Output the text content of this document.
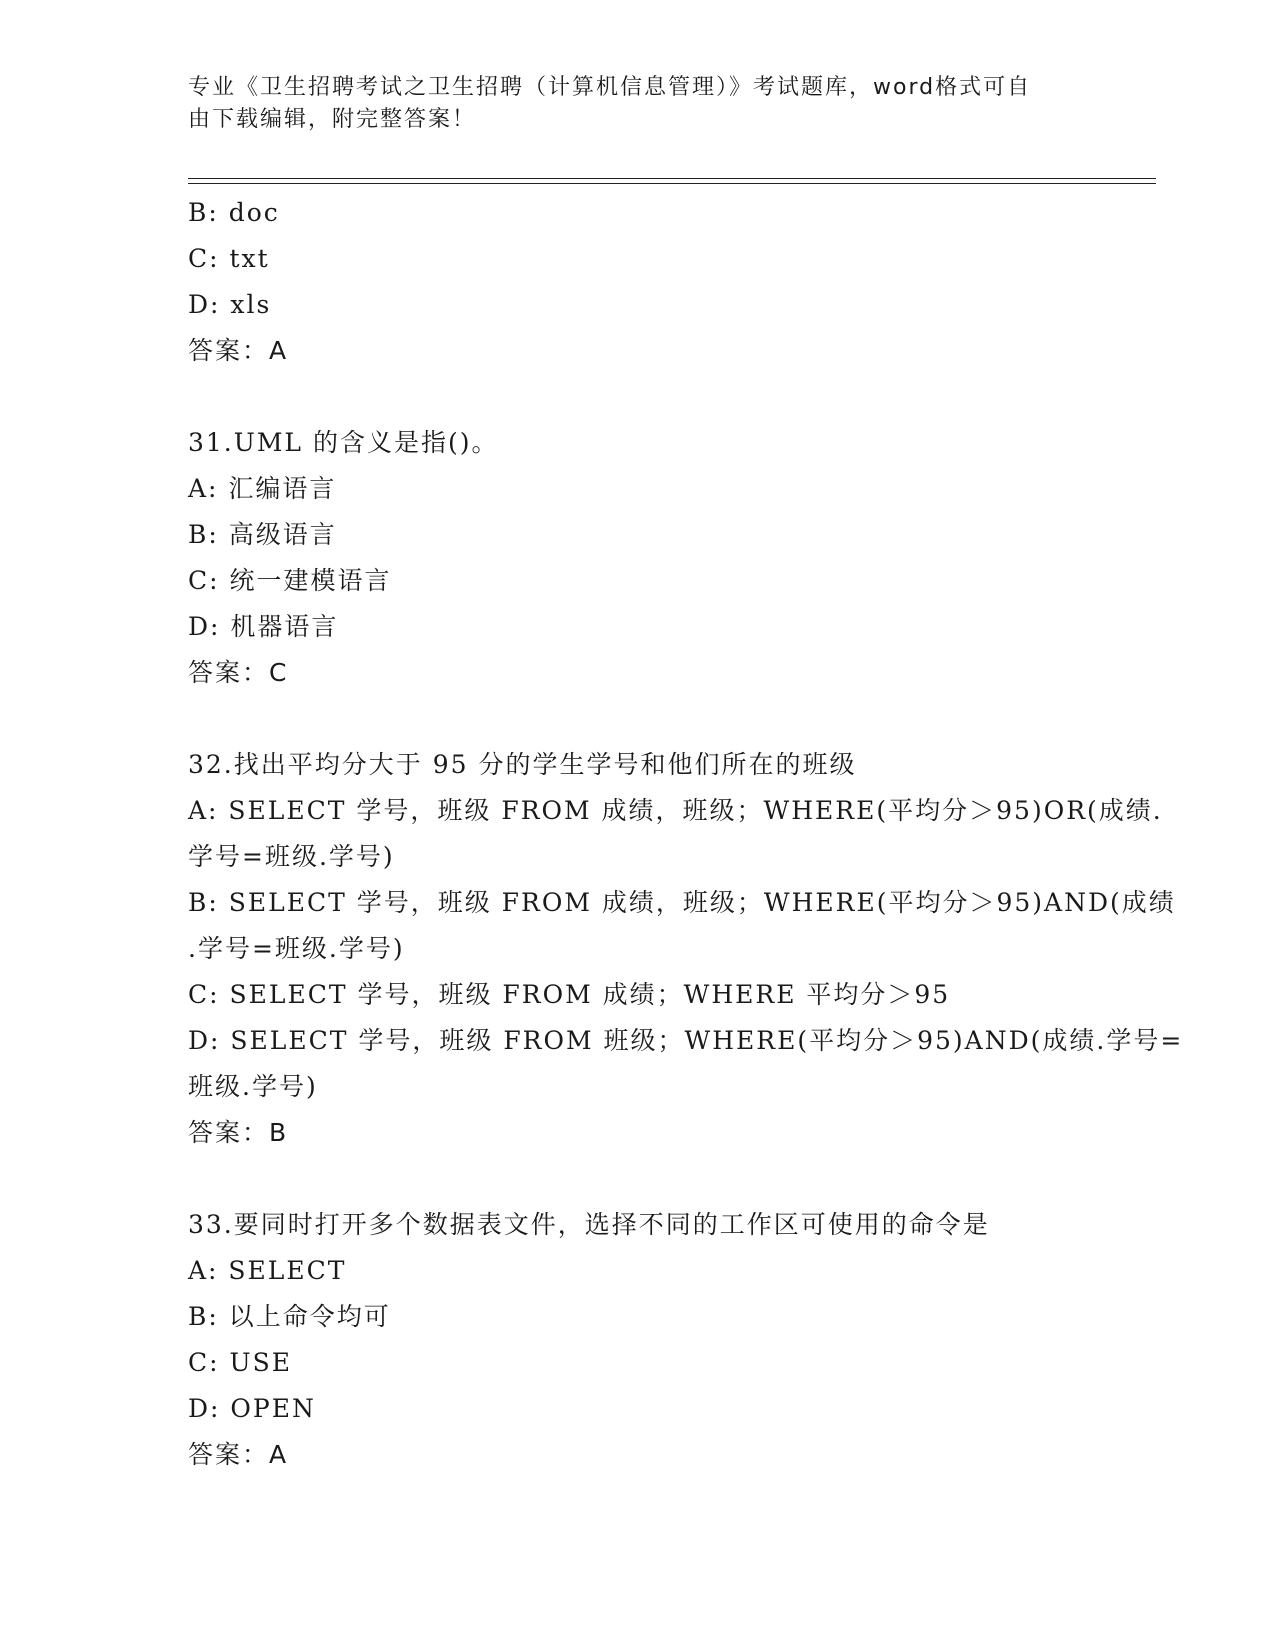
专业《卫生招聘考试之卫生招聘（计算机信息管理）》考试题库，word格式可自
由下载编辑，附完整答案！
B: doc
C: txt
D: xls
答案：A
31.UML 的含义是指()。
A: 汇编语言
B: 高级语言
C: 统一建模语言
D: 机器语言
答案：C
32.找出平均分大于 95 分的学生学号和他们所在的班级
A: SELECT 学号，班级 FROM 成绩，班级；WHERE(平均分＞95)OR(成绩.
学号=班级.学号)
B: SELECT 学号，班级 FROM 成绩，班级；WHERE(平均分＞95)AND(成绩
.学号=班级.学号)
C: SELECT 学号，班级 FROM 成绩；WHERE 平均分＞95
D: SELECT 学号，班级 FROM 班级；WHERE(平均分＞95)AND(成绩.学号=
班级.学号)
答案：B
33.要同时打开多个数据表文件，选择不同的工作区可使用的命令是
A: SELECT
B: 以上命令均可
C: USE
D: OPEN
答案：A
